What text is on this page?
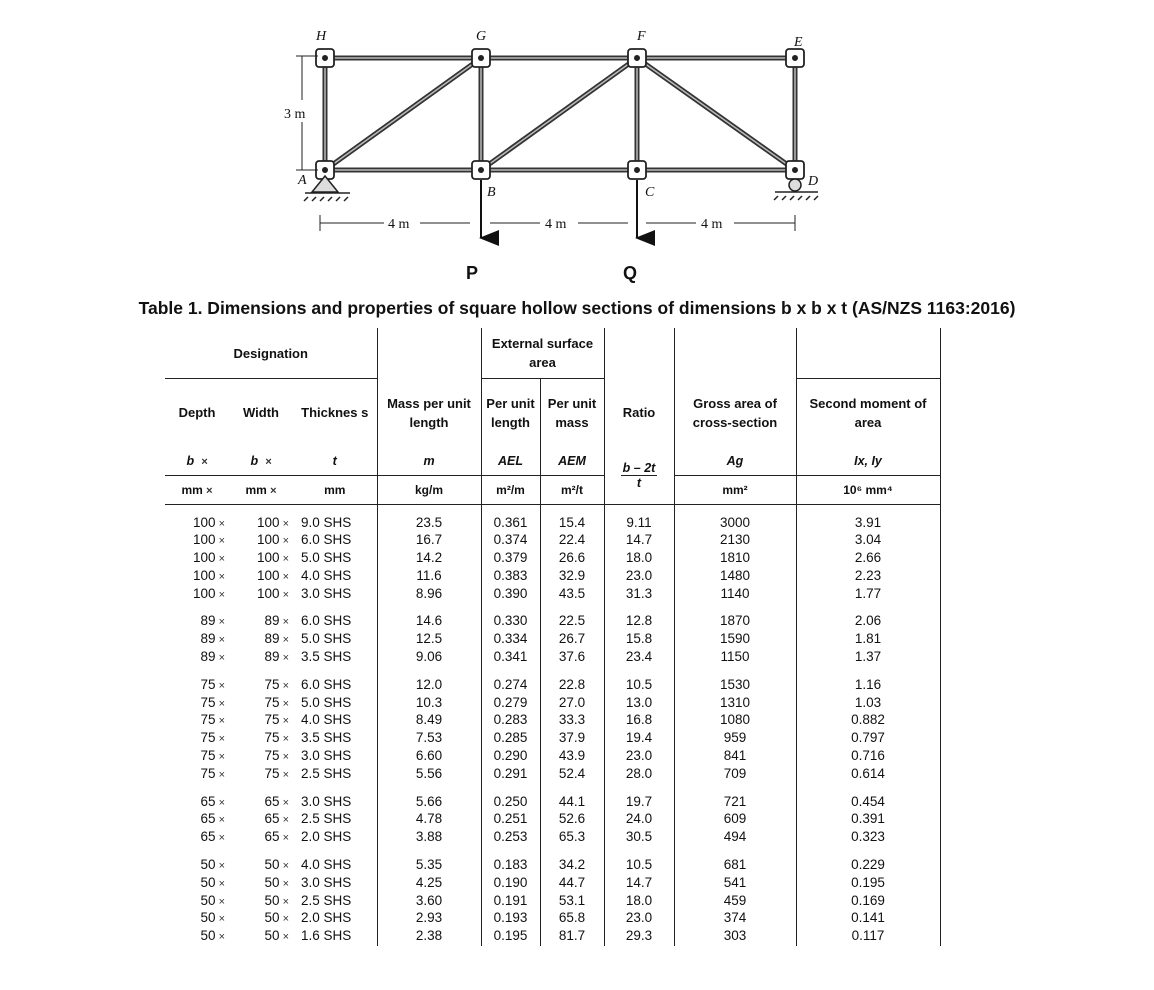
H	G	F	E
A
B	C
D
3 m
4 m	4 m	4 m
P	Q
Table 1. Dimensions and properties of square hollow sections of dimensions b x b x t (AS/NZS 1163:2016)
Designation				External surface area				

Depth	Width	Thicknes s	Mass per unit length	Per unit length	Per unit mass	Ratio	Gross area of cross-section	Second moment of area
b ×	b ×	t	m	AEL	AEM	$\frac{b - 2t}{t}$	Ag	Ix, Iy
mm ×	mm ×	mm	kg/m	m²/m	m²/t		mm²	10⁶ mm⁴

100 ×	100 ×	9.0 SHS	23.5	0.361	15.4	9.11	3000	3.91
100 ×	100 ×	6.0 SHS	16.7	0.374	22.4	14.7	2130	3.04
100 ×	100 ×	5.0 SHS	14.2	0.379	26.6	18.0	1810	2.66
100 ×	100 ×	4.0 SHS	11.6	0.383	32.9	23.0	1480	2.23
100 ×	100 ×	3.0 SHS	8.96	0.390	43.5	31.3	1140	1.77
89 ×	89 ×	6.0 SHS	14.6	0.330	22.5	12.8	1870	2.06
89 ×	89 ×	5.0 SHS	12.5	0.334	26.7	15.8	1590	1.81
89 ×	89 ×	3.5 SHS	9.06	0.341	37.6	23.4	1150	1.37
75 ×	75 ×	6.0 SHS	12.0	0.274	22.8	10.5	1530	1.16
75 ×	75 ×	5.0 SHS	10.3	0.279	27.0	13.0	1310	1.03
75 ×	75 ×	4.0 SHS	8.49	0.283	33.3	16.8	1080	0.882
75 ×	75 ×	3.5 SHS	7.53	0.285	37.9	19.4	959	0.797
75 ×	75 ×	3.0 SHS	6.60	0.290	43.9	23.0	841	0.716
75 ×	75 ×	2.5 SHS	5.56	0.291	52.4	28.0	709	0.614
65 ×	65 ×	3.0 SHS	5.66	0.250	44.1	19.7	721	0.454
65 ×	65 ×	2.5 SHS	4.78	0.251	52.6	24.0	609	0.391
65 ×	65 ×	2.0 SHS	3.88	0.253	65.3	30.5	494	0.323
50 ×	50 ×	4.0 SHS	5.35	0.183	34.2	10.5	681	0.229
50 ×	50 ×	3.0 SHS	4.25	0.190	44.7	14.7	541	0.195
50 ×	50 ×	2.5 SHS	3.60	0.191	53.1	18.0	459	0.169
50 ×	50 ×	2.0 SHS	2.93	0.193	65.8	23.0	374	0.141
50 ×	50 ×	1.6 SHS	2.38	0.195	81.7	29.3	303	0.117
